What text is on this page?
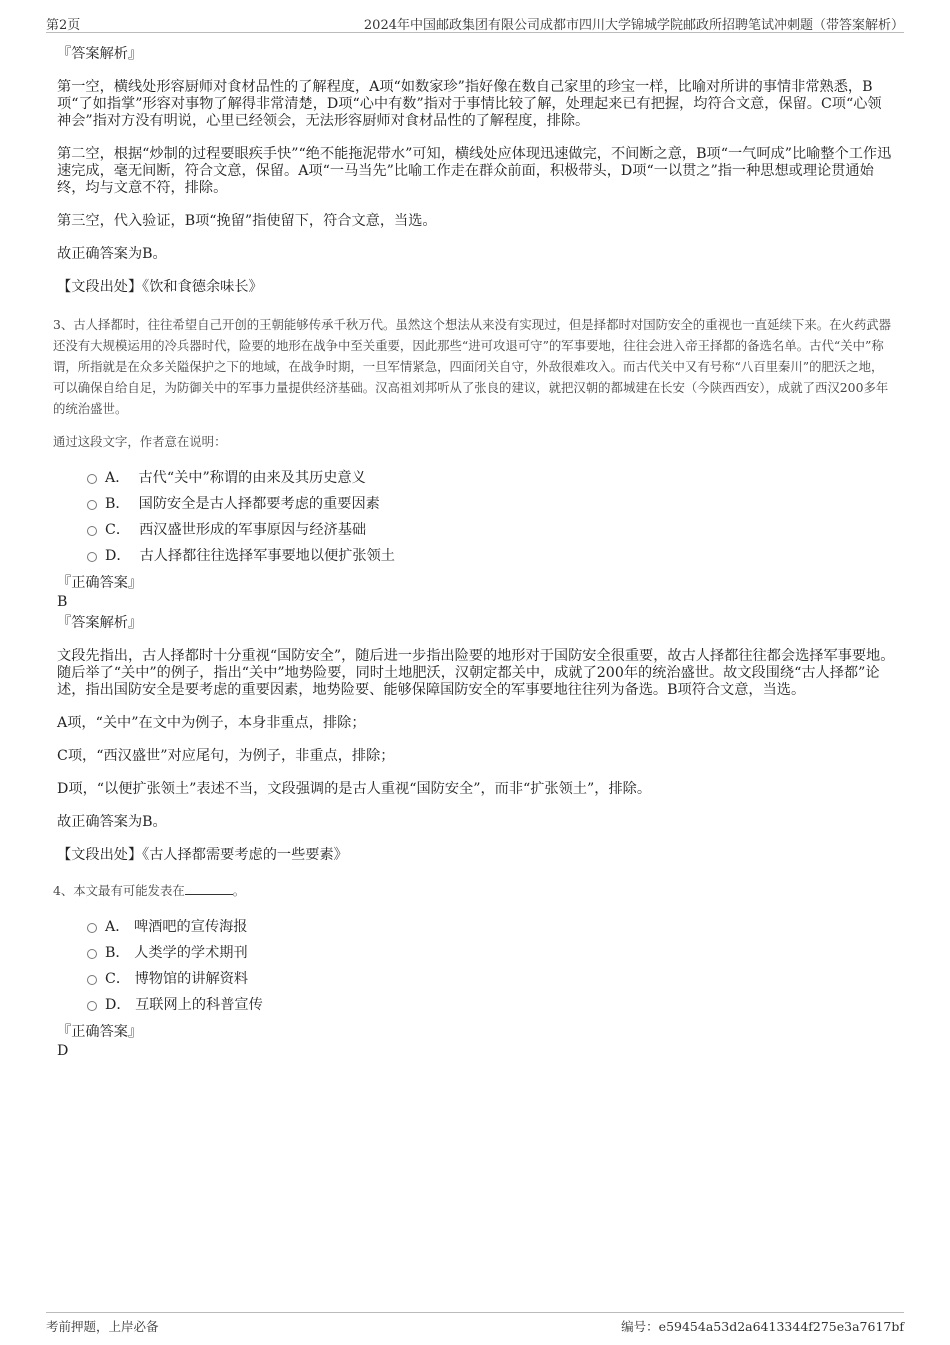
第2页	2024年中国邮政集团有限公司成都市四川大学锦城学院邮政所招聘笔试冲刺题（带答案解析）

『答案解析』

第一空，横线处形容厨师对食材品性的了解程度，A项“如数家珍”指好像在数自己家里的珍宝一样，比喻对所讲的事情非常熟悉，B项“了如指掌”形容对事物了解得非常清楚，D项“心中有数”指对于事情比较了解，处理起来已有把握，均符合文意，保留。C项“心领神会”指对方没有明说，心里已经领会，无法形容厨师对食材品性的了解程度，排除。

第二空，根据“炒制的过程要眼疾手快”“绝不能拖泥带水”可知，横线处应体现迅速做完，不间断之意，B项“一气呵成”比喻整个工作迅速完成，毫无间断，符合文意，保留。A项“一马当先”比喻工作走在群众前面，积极带头，D项“一以贯之”指一种思想或理论贯通始终，均与文意不符，排除。

第三空，代入验证，B项“挽留”指使留下，符合文意，当选。

故正确答案为B。

【文段出处】《饮和食德余味长》

3、古人择都时，往往希望自己开创的王朝能够传承千秋万代。虽然这个想法从来没有实现过，但是择都时对国防安全的重视也一直延续下来。在火药武器还没有大规模运用的冷兵器时代，险要的地形在战争中至关重要，因此那些“进可攻退可守”的军事要地，往往会进入帝王择都的备选名单。古代“关中”称谓，所指就是在众多关隘保护之下的地域，在战争时期，一旦军情紧急，四面闭关自守，外敌很难攻入。而古代关中又有号称“八百里秦川”的肥沃之地，可以确保自给自足，为防御关中的军事力量提供经济基础。汉高祖刘邦听从了张良的建议，就把汉朝的都城建在长安（今陕西西安），成就了西汉200多年的统治盛世。

通过这段文字，作者意在说明：

A． 古代“关中”称谓的由来及其历史意义
B． 国防安全是古人择都要考虑的重要因素
C． 西汉盛世形成的军事原因与经济基础
D． 古人择都往往选择军事要地以便扩张领土

『正确答案』

B

『答案解析』

文段先指出，古人择都时十分重视“国防安全”，随后进一步指出险要的地形对于国防安全很重要，故古人择都往往都会选择军事要地。随后举了“关中”的例子，指出“关中”地势险要，同时土地肥沃，汉朝定都关中，成就了200年的统治盛世。故文段围绕“古人择都”论述，指出国防安全是要考虑的重要因素，地势险要、能够保障国防安全的军事要地往往列为备选。B项符合文意，当选。

A项，“关中”在文中为例子，本身非重点，排除；

C项，“西汉盛世”对应尾句，为例子，非重点，排除；

D项，“以便扩张领土”表述不当，文段强调的是古人重视“国防安全”，而非“扩张领土”，排除。

故正确答案为B。

【文段出处】《古人择都需要考虑的一些要素》

4、本文最有可能发表在	。

A． 啤酒吧的宣传海报
B． 人类学的学术期刊
C． 博物馆的讲解资料
D． 互联网上的科普宣传

『正确答案』

D

考前押题，上岸必备	编号：e59454a53d2a6413344f275e3a7617bf
